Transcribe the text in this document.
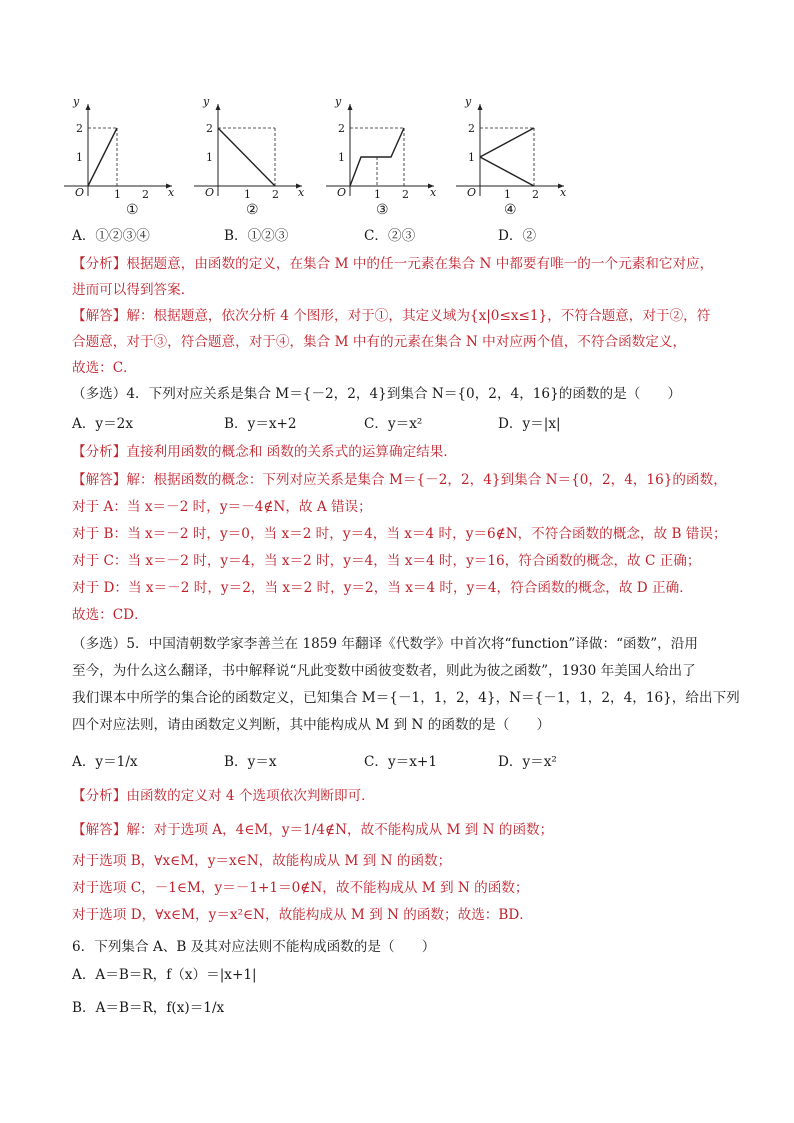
y
x
O
1
2
1 2
①
y
x
O
1
2
1 2
②
y
x
O
1
2
1 2
③
y
x
O
1
2
1 2
④
A．①②③④	B．①②③	C．②③	D．②
【分析】根据题意，由函数的定义，在集合 M 中的任一元素在集合 N 中都要有唯一的一个元素和它对应，
进而可以得到答案．
【解答】解：根据题意，依次分析 4 个图形，对于①，其定义域为{x|0≤x≤1}，不符合题意，对于②，符
合题意，对于③，符合题意，对于④，集合 M 中有的元素在集合 N 中对应两个值，不符合函数定义，
故选：C．
（多选）4．下列对应关系是集合 M＝{－2，2，4}到集合 N＝{0，2，4，16}的函数的是（　　）
A．y＝2x	B．y＝x+2	C．y＝x²	D．y＝|x|
【分析】直接利用函数的概念和 函数的关系式的运算确定结果．
【解答】解：根据函数的概念：下列对应关系是集合 M＝{－2，2，4}到集合 N＝{0，2，4，16}的函数，
对于 A：当 x＝－2 时，y＝－4∉N，故 A 错误；
对于 B：当 x＝－2 时，y＝0，当 x＝2 时，y＝4，当 x＝4 时，y＝6∉N，不符合函数的概念，故 B 错误；
对于 C：当 x＝－2 时，y＝4，当 x＝2 时，y＝4，当 x＝4 时，y＝16，符合函数的概念，故 C 正确；
对于 D：当 x＝－2 时，y＝2，当 x＝2 时，y＝2，当 x＝4 时，y＝4，符合函数的概念，故 D 正确．
故选：CD．
（多选）5．中国清朝数学家李善兰在 1859 年翻译《代数学》中首次将“function”译做：“函数”，沿用
至今，为什么这么翻译，书中解释说“凡此变数中函彼变数者，则此为彼之函数”，1930 年美国人给出了
我们课本中所学的集合论的函数定义，已知集合 M＝{－1，1，2，4}，N＝{－1，1，2，4，16}，给出下列
四个对应法则，请由函数定义判断，其中能构成从 M 到 N 的函数的是（　　）
A．y＝1/x	B．y＝x	C．y＝x+1	D．y＝x²
【分析】由函数的定义对 4 个选项依次判断即可．
【解答】解：对于选项 A，4∈M，y＝1/4∉N，故不能构成从 M 到 N 的函数；
对于选项 B，∀x∈M，y＝x∈N，故能构成从 M 到 N 的函数；
对于选项 C，－1∈M，y＝－1+1＝0∉N，故不能构成从 M 到 N 的函数；
对于选项 D，∀x∈M，y＝x²∈N，故能构成从 M 到 N 的函数；故选：BD．
6．下列集合 A、B 及其对应法则不能构成函数的是（　　）
A．A＝B＝R，f（x）＝|x+1|
B．A＝B＝R，f(x)＝1/x
